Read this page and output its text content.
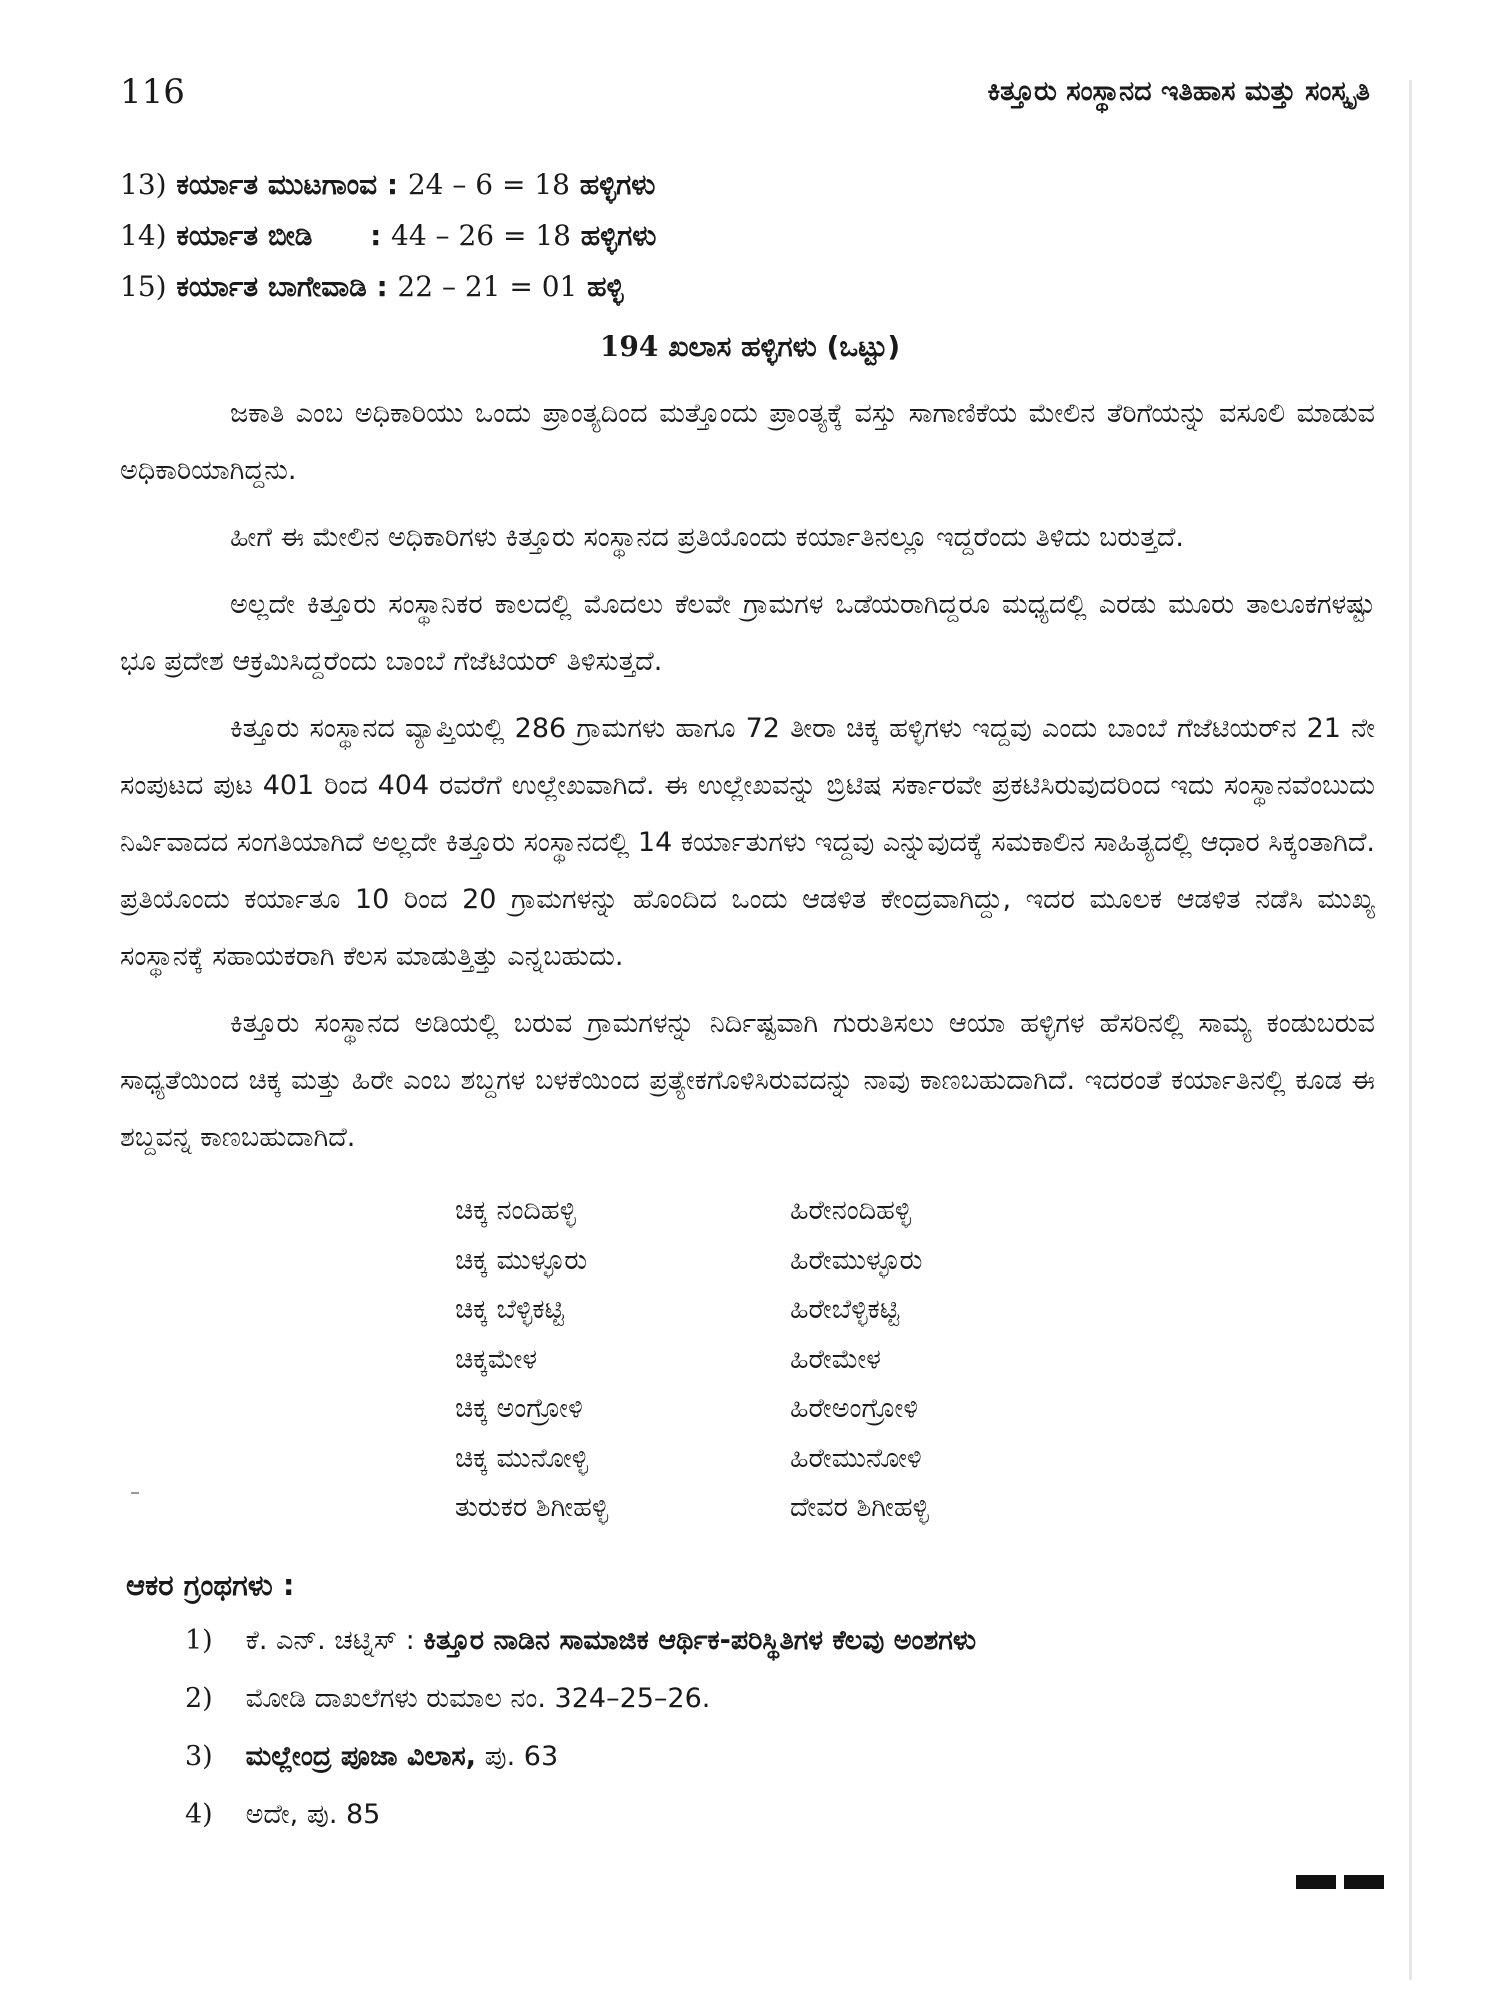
116	ಕಿತ್ತೂರು ಸಂಸ್ಥಾನದ ಇತಿಹಾಸ ಮತ್ತು ಸಂಸ್ಕೃತಿ
13) ಕರ್ಯಾತ ಮುಟಗಾಂವ : 24 – 6 = 18 ಹಳ್ಳಿಗಳು
14) ಕರ್ಯಾತ ಬೀಡಿ : 44 – 26 = 18 ಹಳ್ಳಿಗಳು
15) ಕರ್ಯಾತ ಬಾಗೇವಾಡಿ : 22 – 21 = 01 ಹಳ್ಳಿ
194 ಖಲಾಸ ಹಳ್ಳಿಗಳು (ಒಟ್ಟು)

ಜಕಾತಿ ಎಂಬ ಅಧಿಕಾರಿಯು ಒಂದು ಪ್ರಾಂತ್ಯದಿಂದ ಮತ್ತೊಂದು ಪ್ರಾಂತ್ಯಕ್ಕೆ ವಸ್ತು ಸಾಗಾಣಿಕೆಯ ಮೇಲಿನ ತೆರಿಗೆಯನ್ನು ವಸೂಲಿ ಮಾಡುವ ಅಧಿಕಾರಿಯಾಗಿದ್ದನು.

ಹೀಗೆ ಈ ಮೇಲಿನ ಅಧಿಕಾರಿಗಳು ಕಿತ್ತೂರು ಸಂಸ್ಥಾನದ ಪ್ರತಿಯೊಂದು ಕರ್ಯಾತಿನಲ್ಲೂ ಇದ್ದರೆಂದು ತಿಳಿದು ಬರುತ್ತದೆ.

ಅಲ್ಲದೇ ಕಿತ್ತೂರು ಸಂಸ್ಥಾನಿಕರ ಕಾಲದಲ್ಲಿ ಮೊದಲು ಕೆಲವೇ ಗ್ರಾಮಗಳ ಒಡೆಯರಾಗಿದ್ದರೂ ಮಧ್ಯದಲ್ಲಿ ಎರಡು ಮೂರು ತಾಲೂಕಗಳಷ್ಟು ಭೂ ಪ್ರದೇಶ ಆಕ್ರಮಿಸಿದ್ದರೆಂದು ಬಾಂಬೆ ಗೆಜೆಟಿಯರ್ ತಿಳಿಸುತ್ತದೆ.

ಕಿತ್ತೂರು ಸಂಸ್ಥಾನದ ವ್ಯಾಪ್ತಿಯಲ್ಲಿ 286 ಗ್ರಾಮಗಳು ಹಾಗೂ 72 ತೀರಾ ಚಿಕ್ಕ ಹಳ್ಳಿಗಳು ಇದ್ದವು ಎಂದು ಬಾಂಬೆ ಗೆಜೆಟಿಯರ್‌ನ 21 ನೇ ಸಂಪುಟದ ಪುಟ 401 ರಿಂದ 404 ರವರೆಗೆ ಉಲ್ಲೇಖವಾಗಿದೆ. ಈ ಉಲ್ಲೇಖವನ್ನು ಬ್ರಿಟಿಷ ಸರ್ಕಾರವೇ ಪ್ರಕಟಿಸಿರುವುದರಿಂದ ಇದು ಸಂಸ್ಥಾನವೆಂಬುದು ನಿರ್ವಿವಾದದ ಸಂಗತಿಯಾಗಿದೆ ಅಲ್ಲದೇ ಕಿತ್ತೂರು ಸಂಸ್ಥಾನದಲ್ಲಿ 14 ಕರ್ಯಾತುಗಳು ಇದ್ದವು ಎನ್ನುವುದಕ್ಕೆ ಸಮಕಾಲಿನ ಸಾಹಿತ್ಯದಲ್ಲಿ ಆಧಾರ ಸಿಕ್ಕಂತಾಗಿದೆ. ಪ್ರತಿಯೊಂದು ಕರ್ಯಾತೂ 10 ರಿಂದ 20 ಗ್ರಾಮಗಳನ್ನು ಹೊಂದಿದ ಒಂದು ಆಡಳಿತ ಕೇಂದ್ರವಾಗಿದ್ದು, ಇದರ ಮೂಲಕ ಆಡಳಿತ ನಡೆಸಿ ಮುಖ್ಯ ಸಂಸ್ಥಾನಕ್ಕೆ ಸಹಾಯಕರಾಗಿ ಕೆಲಸ ಮಾಡುತ್ತಿತ್ತು ಎನ್ನಬಹುದು.

ಕಿತ್ತೂರು ಸಂಸ್ಥಾನದ ಅಡಿಯಲ್ಲಿ ಬರುವ ಗ್ರಾಮಗಳನ್ನು ನಿರ್ದಿಷ್ಟವಾಗಿ ಗುರುತಿಸಲು ಆಯಾ ಹಳ್ಳಿಗಳ ಹೆಸರಿನಲ್ಲಿ ಸಾಮ್ಯ ಕಂಡುಬರುವ ಸಾಧ್ಯತೆಯಿಂದ ಚಿಕ್ಕ ಮತ್ತು ಹಿರೇ ಎಂಬ ಶಬ್ದಗಳ ಬಳಕೆಯಿಂದ ಪ್ರತ್ಯೇಕಗೊಳಿಸಿರುವದನ್ನು ನಾವು ಕಾಣಬಹುದಾಗಿದೆ. ಇದರಂತೆ ಕರ್ಯಾತಿನಲ್ಲಿ ಕೂಡ ಈ ಶಬ್ದವನ್ನ ಕಾಣಬಹುದಾಗಿದೆ.

ಚಿಕ್ಕ ನಂದಿಹಳ್ಳಿ	ಹಿರೇನಂದಿಹಳ್ಳಿ
ಚಿಕ್ಕ ಮುಳ್ಳೂರು	ಹಿರೇಮುಳ್ಳೂರು
ಚಿಕ್ಕ ಬೆಳ್ಳಿಕಟ್ಟಿ	ಹಿರೇಬೆಳ್ಳಿಕಟ್ಟಿ
ಚಿಕ್ಕಮೇಳ	ಹಿರೇಮೇಳ
ಚಿಕ್ಕ ಅಂಗ್ರೋಳಿ	ಹಿರೇಅಂಗ್ರೋಳಿ
ಚಿಕ್ಕ ಮುನೋಳ್ಳಿ	ಹಿರೇಮುನೋಳಿ
ತುರುಕರ ಶಿಗೀಹಳ್ಳಿ	ದೇವರ ಶಿಗೀಹಳ್ಳಿ
ಆಕರ ಗ್ರಂಥಗಳು :
1) ಕೆ. ಎನ್. ಚಟ್ನಿಸ್ : ಕಿತ್ತೂರ ನಾಡಿನ ಸಾಮಾಜಿಕ ಆರ್ಥಿಕ-ಪರಿಸ್ಥಿತಿಗಳ ಕೆಲವು ಅಂಶಗಳು
2) ಮೋಡಿ ದಾಖಲೆಗಳು ರುಮಾಲ ನಂ. 324–25–26.
3) ಮಲ್ಲೇಂದ್ರ ಪೂಜಾ ವಿಲಾಸ, ಪು. 63
4) ಅದೇ, ಪು. 85
